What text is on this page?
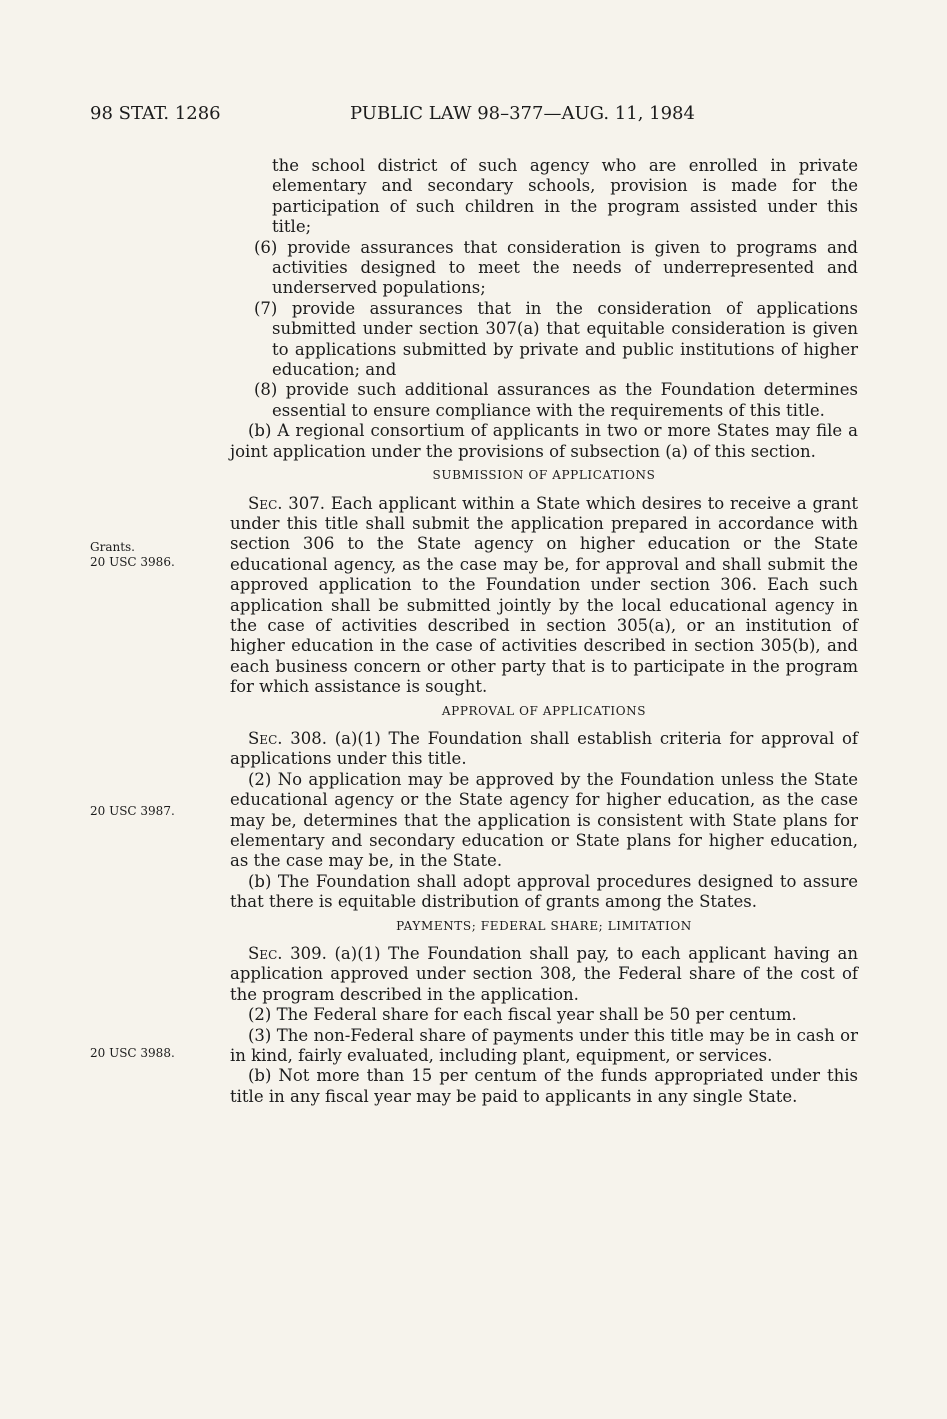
98 STAT. 1286	PUBLIC LAW 98–377—AUG. 11, 1984
Grants.
20 USC 3986.
20 USC 3987.
20 USC 3988.

the school district of such agency who are enrolled in private elementary and secondary schools, provision is made for the participation of such children in the program assisted under this title;

(6) provide assurances that consideration is given to programs and activities designed to meet the needs of underrepresented and underserved populations;

(7) provide assurances that in the consideration of applications submitted under section 307(a) that equitable consideration is given to applications submitted by private and public institutions of higher education; and

(8) provide such additional assurances as the Foundation determines essential to ensure compliance with the requirements of this title.

(b) A regional consortium of applicants in two or more States may file a joint application under the provisions of subsection (a) of this section.

SUBMISSION OF APPLICATIONS

Sec. 307. Each applicant within a State which desires to receive a grant under this title shall submit the application prepared in accordance with section 306 to the State agency on higher education or the State educational agency, as the case may be, for approval and shall submit the approved application to the Foundation under section 306. Each such application shall be submitted jointly by the local educational agency in the case of activities described in section 305(a), or an institution of higher education in the case of activities described in section 305(b), and each business concern or other party that is to participate in the program for which assistance is sought.

APPROVAL OF APPLICATIONS

Sec. 308. (a)(1) The Foundation shall establish criteria for approval of applications under this title.

(2) No application may be approved by the Foundation unless the State educational agency or the State agency for higher education, as the case may be, determines that the application is consistent with State plans for elementary and secondary education or State plans for higher education, as the case may be, in the State.

(b) The Foundation shall adopt approval procedures designed to assure that there is equitable distribution of grants among the States.

PAYMENTS; FEDERAL SHARE; LIMITATION

Sec. 309. (a)(1) The Foundation shall pay, to each applicant having an application approved under section 308, the Federal share of the cost of the program described in the application.

(2) The Federal share for each fiscal year shall be 50 per centum.

(3) The non-Federal share of payments under this title may be in cash or in kind, fairly evaluated, including plant, equipment, or services.

(b) Not more than 15 per centum of the funds appropriated under this title in any fiscal year may be paid to applicants in any single State.
